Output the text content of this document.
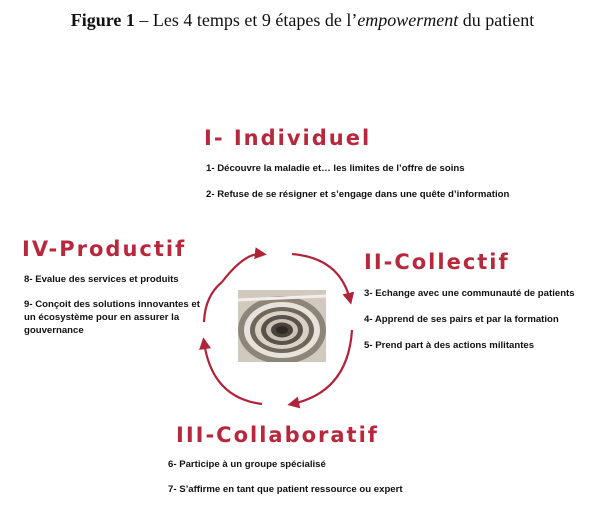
Figure 1 – Les 4 temps et 9 étapes de l’empowerment du patient
I- Individuel
1- Découvre la maladie et… les limites de l’offre de soins
2- Refuse de se résigner et s’engage dans une quête d’information
IV-Productif
8- Evalue des services et produits
9- Conçoit des solutions innovantes et un écosystème pour en assurer la gouvernance
II-Collectif
3- Echange avec une communauté de patients
4- Apprend de ses pairs et par la formation
5- Prend part à des actions militantes
III-Collaboratif
6- Participe à un groupe spécialisé
7- S’affirme en tant que patient ressource ou expert
